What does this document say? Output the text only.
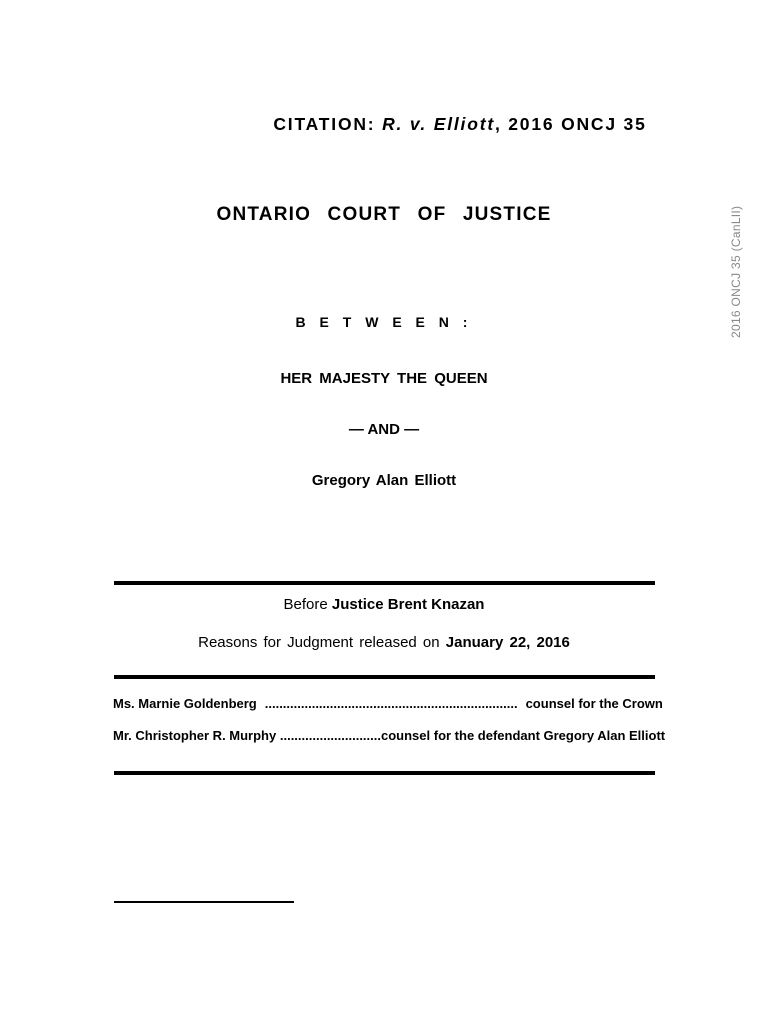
CITATION: R. v. Elliott, 2016 ONCJ 35
ONTARIO COURT OF JUSTICE
B E T W E E N :
HER MAJESTY THE QUEEN
— AND —
Gregory Alan Elliott
Before Justice Brent Knazan
Reasons for Judgment released on January 22, 2016
Ms. Marnie Goldenberg ...................................................................... counsel for the Crown
Mr. Christopher R. Murphy ............................counsel for the defendant Gregory Alan Elliott
2016 ONCJ 35 (CanLII)
